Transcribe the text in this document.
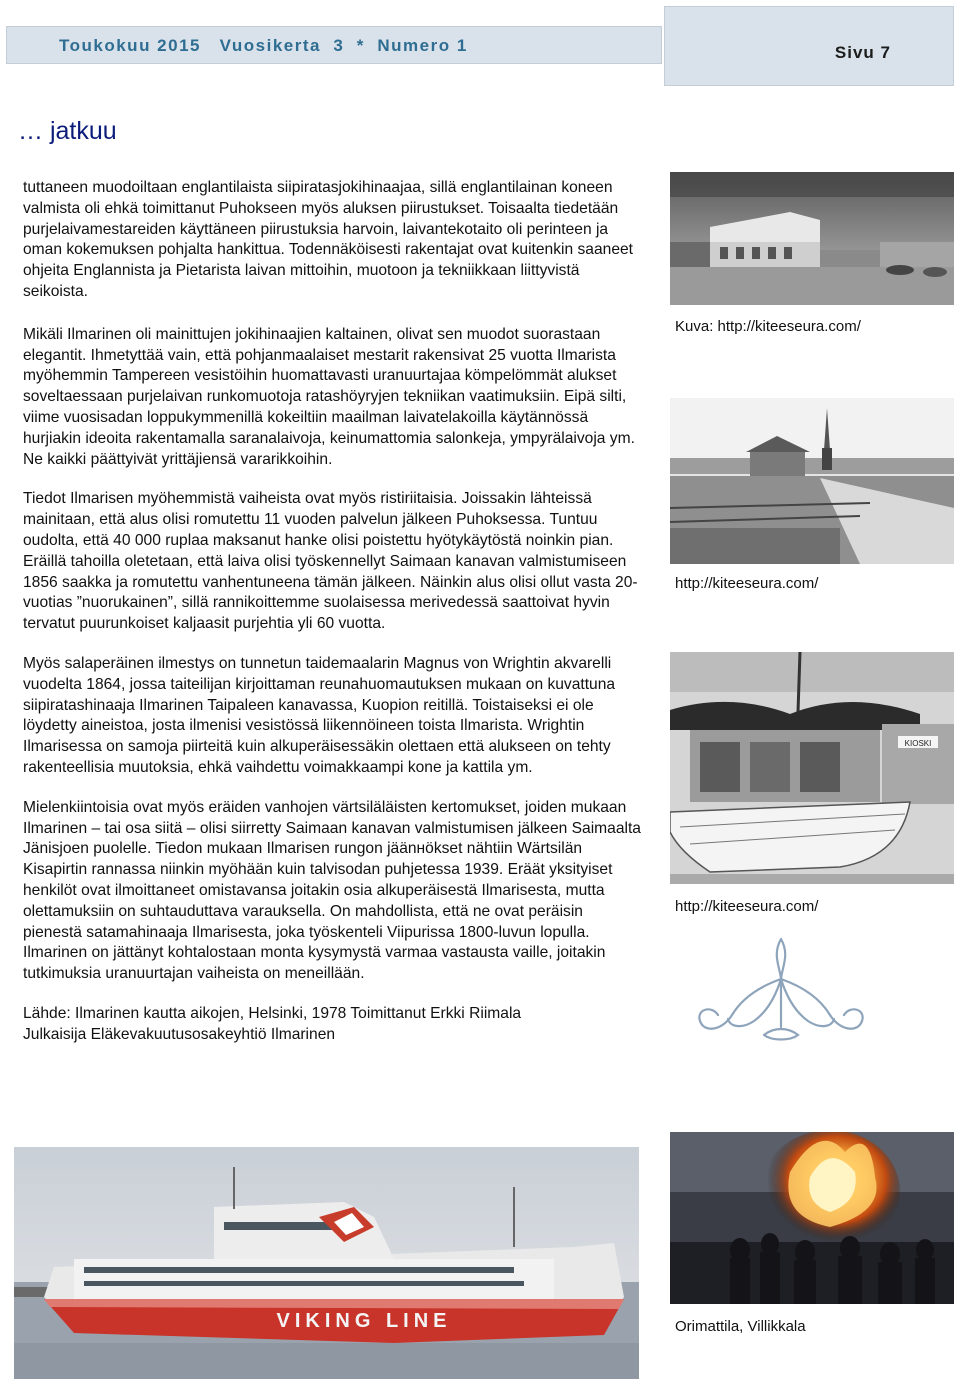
Toukokuu 2015   Vuosikerta  3  *  Numero 1	Sivu 7
… jatkuu

tuttaneen muodoiltaan englantilaista siipiratasjokihinaajaa, sillä englantilainan koneen valmista oli ehkä toimittanut Puhokseen myös aluksen piirustukset. Toisaalta tiedetään purjelaivamestareiden käyttäneen piirustuksia harvoin, laivantekotaito oli perinteen ja oman kokemuksen pohjalta hankittua. Todennäköisesti rakentajat ovat kuitenkin saaneet ohjeita Englannista ja Pietarista laivan mittoihin, muotoon ja tekniikkaan liittyvistä seikoista.

Mikäli Ilmarinen oli mainittujen jokihinaajien kaltainen, olivat sen muodot suorastaan elegantit. Ihmetyttää vain, että pohjanmaalaiset mestarit rakensivat 25 vuotta Ilmarista myöhemmin Tampereen vesistöihin huomattavasti uranuurtajaa kömpelömmät alukset soveltaessaan purjelaivan runkomuotoja ratashöyryjen tekniikan vaatimuksiin. Eipä silti, viime vuosisadan loppukymmenillä kokeiltiin maailman laivatelakoilla käytännössä hurjiakin ideoita rakentamalla saranalaivoja, keinumattomia salonkeja, ympyrälaivoja ym. Ne kaikki päättyivät yrittäjiensä vararikkoihin.

Tiedot Ilmarisen myöhemmistä vaiheista ovat myös ristiriitaisia. Joissakin lähteissä mainitaan, että alus olisi romutettu 11 vuoden palvelun jälkeen Puhoksessa. Tuntuu oudolta, että 40 000 ruplaa maksanut hanke olisi poistettu hyötykäytöstä noinkin pian. Eräillä tahoilla oletetaan, että laiva olisi työskennellyt Saimaan kanavan valmistumiseen 1856 saakka ja romutettu vanhentuneena tämän jälkeen. Näinkin alus olisi ollut vasta 20-vuotias ”nuorukainen”, sillä rannikoittemme suolaisessa merivedessä saattoivat hyvin tervatut puurunkoiset kaljaasit purjehtia yli 60 vuotta.

Myös salaperäinen ilmestys on tunnetun taidemaalarin Magnus von Wrightin akvarelli vuodelta 1864, jossa taiteilijan kirjoittaman reunahuomautuksen mukaan on kuvattuna siipiratashinaaja Ilmarinen Taipaleen kanavassa, Kuopion reitillä. Toistaiseksi ei ole löydetty aineistoa, josta ilmenisi vesistössä liikennöineen toista Ilmarista. Wrightin Ilmarisessa on samoja piirteitä kuin alkuperäisessäkin olettaen että alukseen on tehty rakenteellisia muutoksia, ehkä vaihdettu voimakkaampi kone ja kattila ym.

Mielenkiintoisia ovat myös eräiden vanhojen värtsiläläisten kertomukset, joiden mukaan Ilmarinen – tai osa siitä – olisi siirretty Saimaan kanavan valmistumisen jälkeen Saimaalta Jänisjoen puolelle. Tiedon mukaan Ilmarisen rungon jäänнökset nähtiin Wärtsilän Kisapirtin rannassa niinkin myöhään kuin talvisodan puhjetessa 1939. Eräät yksityiset henkilöt ovat ilmoittaneet omistavansa joitakin osia alkuperäisestä Ilmarisesta, mutta olettamuksiin on suhtauduttava varauksella. On mahdollista, että ne ovat peräisin pienestä satamahinaaja Ilmarisesta, joka työskenteli Viipurissa 1800-luvun lopulla. Ilmarinen on jättänyt kohtalostaan monta kysymystä varmaa vastausta vaille, joitakin tutkimuksia uranuurtajan vaiheista on meneillään.

Lähde: Ilmarinen kautta aikojen, Helsinki, 1978 Toimittanut Erkki Riimala

Julkaisija Eläkevakuutusosakeyhtiö Ilmarinen

Kuva: http://kiteeseura.com/
http://kiteeseura.com/
KIOSKI
http://kiteeseura.com/
Orimattila, Villikkala
VIKING LINE
